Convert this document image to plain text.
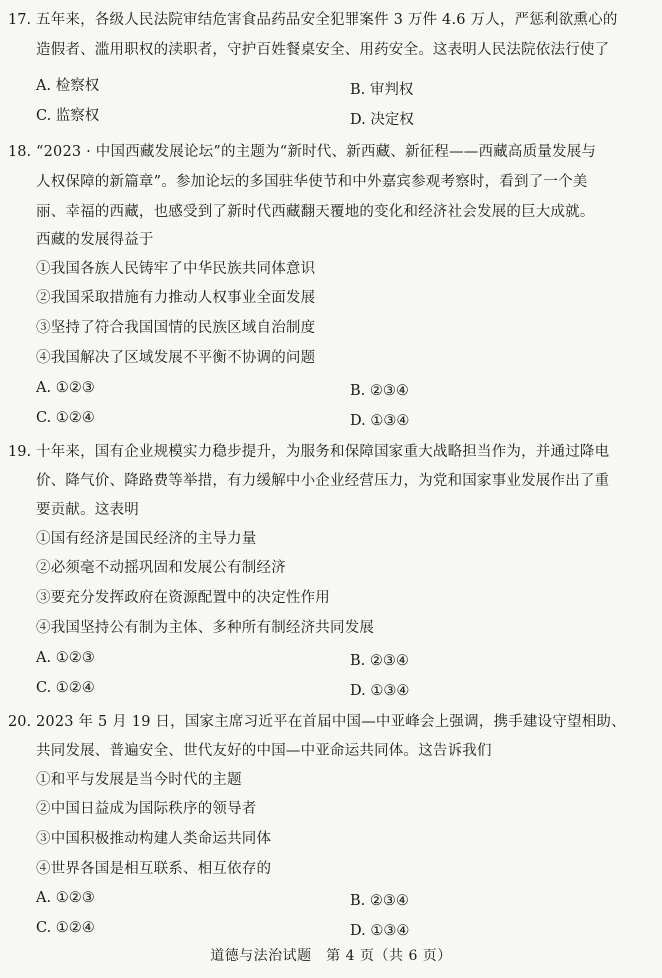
17. 五年来，各级人民法院审结危害食品药品安全犯罪案件 3 万件 4.6 万人，严惩利欲熏心的
造假者、滥用职权的渎职者，守护百姓餐桌安全、用药安全。这表明人民法院依法行使了
A. 检察权	B. 审判权
C. 监察权	D. 决定权
18. “2023 · 中国西藏发展论坛”的主题为“新时代、新西藏、新征程——西藏高质量发展与
人权保障的新篇章”。参加论坛的多国驻华使节和中外嘉宾参观考察时，看到了一个美
丽、幸福的西藏，也感受到了新时代西藏翻天覆地的变化和经济社会发展的巨大成就。
西藏的发展得益于
①我国各族人民铸牢了中华民族共同体意识
②我国采取措施有力推动人权事业全面发展
③坚持了符合我国国情的民族区域自治制度
④我国解决了区域发展不平衡不协调的问题
A. ①②③	B. ②③④
C. ①②④	D. ①③④
19. 十年来，国有企业规模实力稳步提升，为服务和保障国家重大战略担当作为，并通过降电
价、降气价、降路费等举措，有力缓解中小企业经营压力，为党和国家事业发展作出了重
要贡献。这表明
①国有经济是国民经济的主导力量
②必须毫不动摇巩固和发展公有制经济
③要充分发挥政府在资源配置中的决定性作用
④我国坚持公有制为主体、多种所有制经济共同发展
A. ①②③	B. ②③④
C. ①②④	D. ①③④
20. 2023 年 5 月 19 日，国家主席习近平在首届中国—中亚峰会上强调，携手建设守望相助、
共同发展、普遍安全、世代友好的中国—中亚命运共同体。这告诉我们
①和平与发展是当今时代的主题
②中国日益成为国际秩序的领导者
③中国积极推动构建人类命运共同体
④世界各国是相互联系、相互依存的
A. ①②③	B. ②③④
C. ①②④	D. ①③④
道德与法治试题　第 4 页（共 6 页）
